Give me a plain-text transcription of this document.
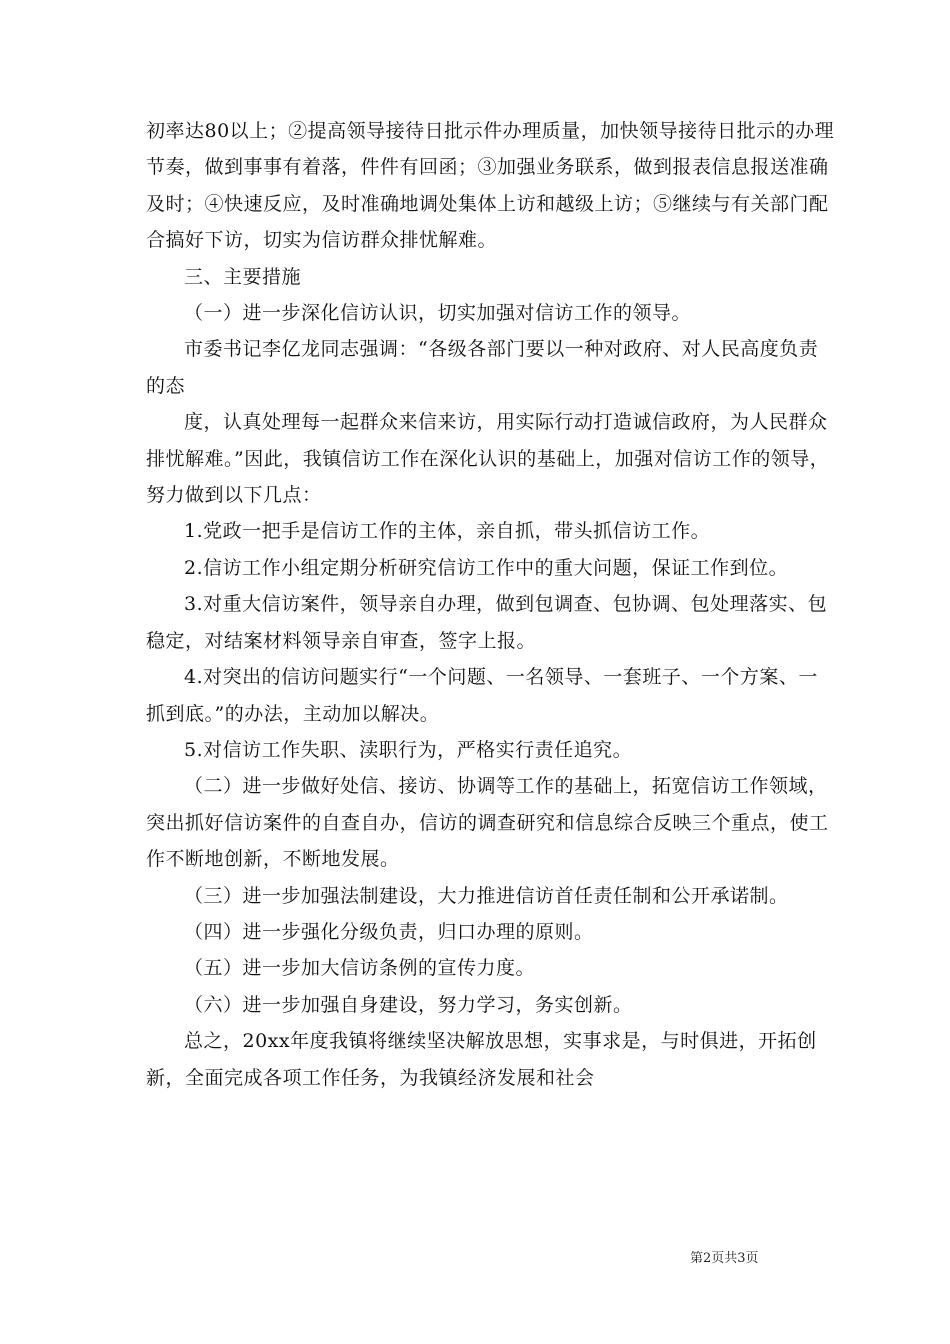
初率达80以上；②提高领导接待日批示件办理质量，加快领导接待日批示的办理节奏，做到事事有着落，件件有回函；③加强业务联系，做到报表信息报送准确及时；④快速反应，及时准确地调处集体上访和越级上访；⑤继续与有关部门配合搞好下访，切实为信访群众排忧解难。

三、主要措施

（一）进一步深化信访认识，切实加强对信访工作的领导。

市委书记李亿龙同志强调：“各级各部门要以一种对政府、对人民高度负责的态

度，认真处理每一起群众来信来访，用实际行动打造诚信政府，为人民群众排忧解难。”因此，我镇信访工作在深化认识的基础上，加强对信访工作的领导，努力做到以下几点：

1.党政一把手是信访工作的主体，亲自抓，带头抓信访工作。

2.信访工作小组定期分析研究信访工作中的重大问题，保证工作到位。

3.对重大信访案件，领导亲自办理，做到包调查、包协调、包处理落实、包稳定，对结案材料领导亲自审查，签字上报。

4.对突出的信访问题实行“一个问题、一名领导、一套班子、一个方案、一抓到底。”的办法，主动加以解决。

5.对信访工作失职、渎职行为，严格实行责任追究。

（二）进一步做好处信、接访、协调等工作的基础上，拓宽信访工作领域，突出抓好信访案件的自查自办，信访的调查研究和信息综合反映三个重点，使工作不断地创新，不断地发展。

（三）进一步加强法制建设，大力推进信访首任责任制和公开承诺制。

（四）进一步强化分级负责，归口办理的原则。

（五）进一步加大信访条例的宣传力度。

（六）进一步加强自身建设，努力学习，务实创新。

总之，20xx年度我镇将继续坚决解放思想，实事求是，与时俱进，开拓创新，全面完成各项工作任务，为我镇经济发展和社会

第2页共3页
